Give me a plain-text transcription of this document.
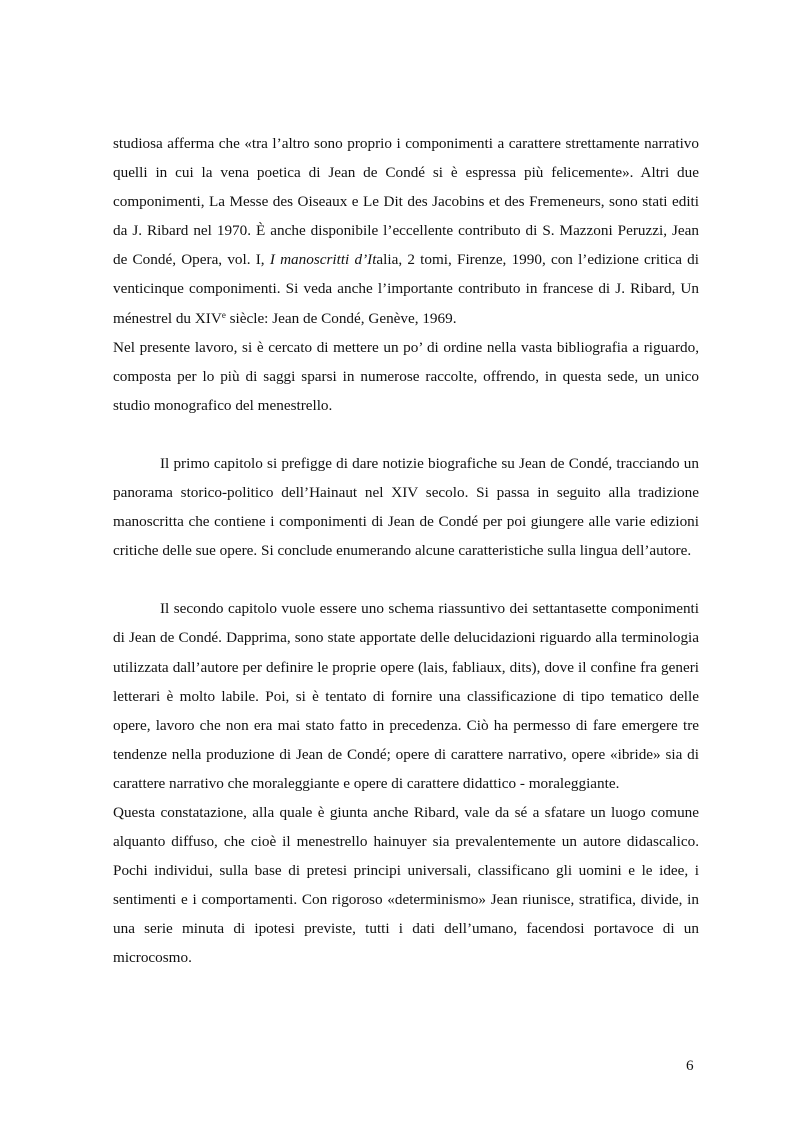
studiosa afferma che «tra l’altro sono proprio i componimenti a carattere strettamente narrativo quelli in cui la vena poetica di Jean de Condé si è espressa più felicemente». Altri due componimenti, La Messe des Oiseaux e Le Dit des Jacobins et des Fremeneurs, sono stati editi da J. Ribard nel 1970. È anche disponibile l’eccellente contributo di S. Mazzoni Peruzzi, Jean de Condé, Opera, vol. I, I manoscritti d’Italia, 2 tomi, Firenze, 1990, con l’edizione critica di venticinque componimenti. Si veda anche l’importante contributo in francese di J. Ribard, Un ménestrel du XIVe siècle: Jean de Condé, Genève, 1969.

Nel presente lavoro, si è cercato di mettere un po’ di ordine nella vasta bibliografia a riguardo, composta per lo più di saggi sparsi in numerose raccolte, offrendo, in questa sede, un unico studio monografico del menestrello.

Il primo capitolo si prefigge di dare notizie biografiche su Jean de Condé, tracciando un panorama storico-politico dell’Hainaut nel XIV secolo. Si passa in seguito alla tradizione manoscritta che contiene i componimenti di Jean de Condé per poi giungere alle varie edizioni critiche delle sue opere. Si conclude enumerando alcune caratteristiche sulla lingua dell’autore.

Il secondo capitolo vuole essere uno schema riassuntivo dei settantasette componimenti di Jean de Condé. Dapprima, sono state apportate delle delucidazioni riguardo alla terminologia utilizzata dall’autore per definire le proprie opere (lais, fabliaux, dits), dove il confine fra generi letterari è molto labile. Poi, si è tentato di fornire una classificazione di tipo tematico delle opere, lavoro che non era mai stato fatto in precedenza. Ciò ha permesso di fare emergere tre tendenze nella produzione di Jean de Condé; opere di carattere narrativo, opere «ibride» sia di carattere narrativo che moraleggiante e opere di carattere didattico - moraleggiante.

Questa constatazione, alla quale è giunta anche Ribard, vale da sé a sfatare un luogo comune alquanto diffuso, che cioè il menestrello hainuyer sia prevalentemente un autore didascalico. Pochi individui, sulla base di pretesi principi universali, classificano gli uomini e le idee, i sentimenti e i comportamenti. Con rigoroso «determinismo» Jean riunisce, stratifica, divide, in una serie minuta di ipotesi previste, tutti i dati dell’umano, facendosi portavoce di un microcosmo.

6
